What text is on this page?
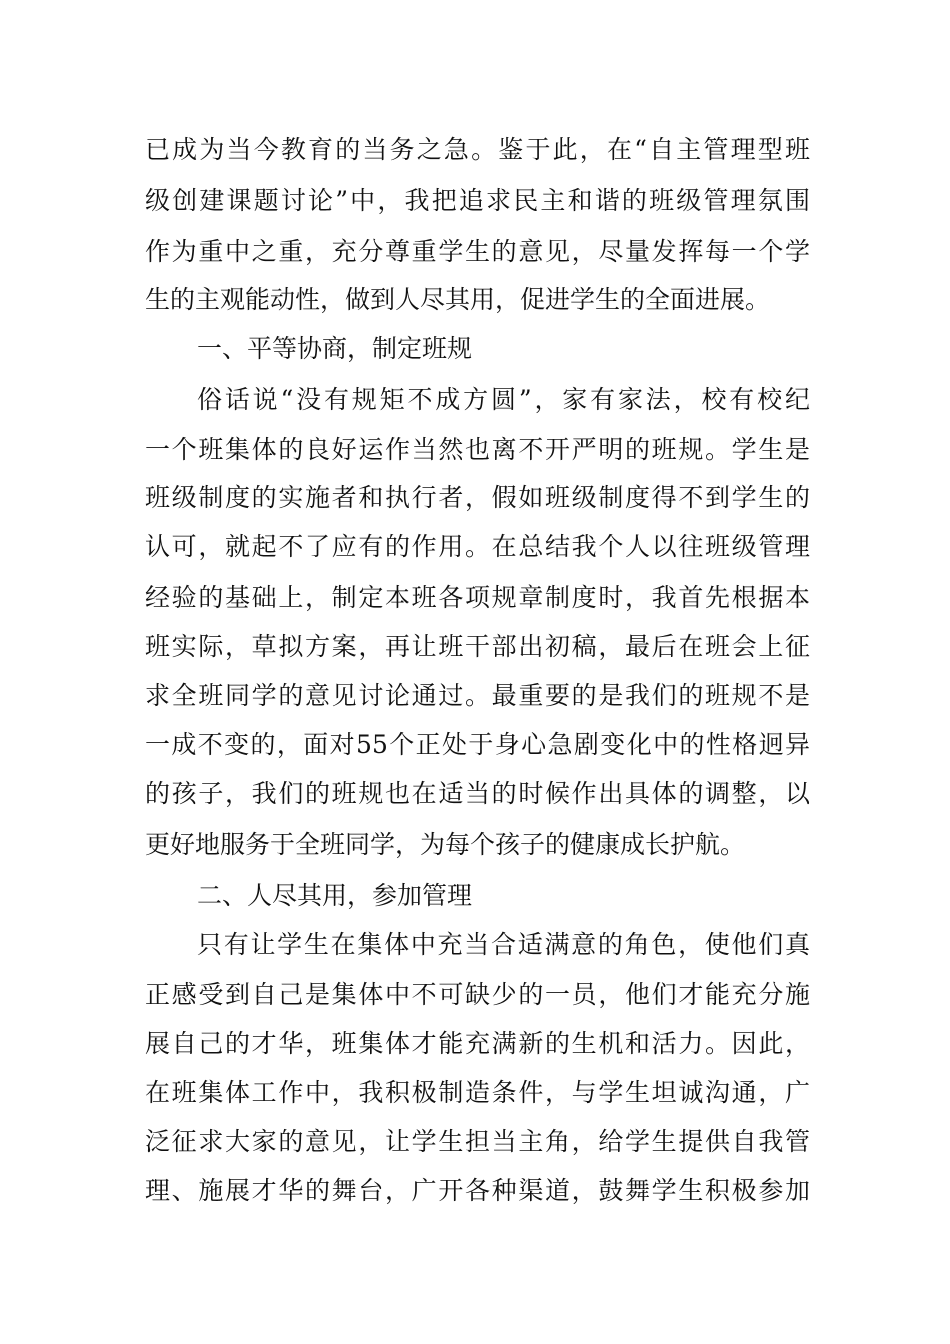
已成为当今教育的当务之急。鉴于此，在“自主管理型班
级创建课题讨论”中，我把追求民主和谐的班级管理氛围
作为重中之重，充分尊重学生的意见，尽量发挥每一个学
生的主观能动性，做到人尽其用，促进学生的全面进展。
一、平等协商，制定班规
俗话说“没有规矩不成方圆”，家有家法，校有校纪
一个班集体的良好运作当然也离不开严明的班规。学生是
班级制度的实施者和执行者，假如班级制度得不到学生的
认可，就起不了应有的作用。在总结我个人以往班级管理
经验的基础上，制定本班各项规章制度时，我首先根据本
班实际，草拟方案，再让班干部出初稿，最后在班会上征
求全班同学的意见讨论通过。最重要的是我们的班规不是
一成不变的，面对55个正处于身心急剧变化中的性格迥异
的孩子，我们的班规也在适当的时候作出具体的调整，以
更好地服务于全班同学，为每个孩子的健康成长护航。
二、人尽其用，参加管理
只有让学生在集体中充当合适满意的角色，使他们真
正感受到自己是集体中不可缺少的一员，他们才能充分施
展自己的才华，班集体才能充满新的生机和活力。因此，
在班集体工作中，我积极制造条件，与学生坦诚沟通，广
泛征求大家的意见，让学生担当主角，给学生提供自我管
理、施展才华的舞台，广开各种渠道，鼓舞学生积极参加
